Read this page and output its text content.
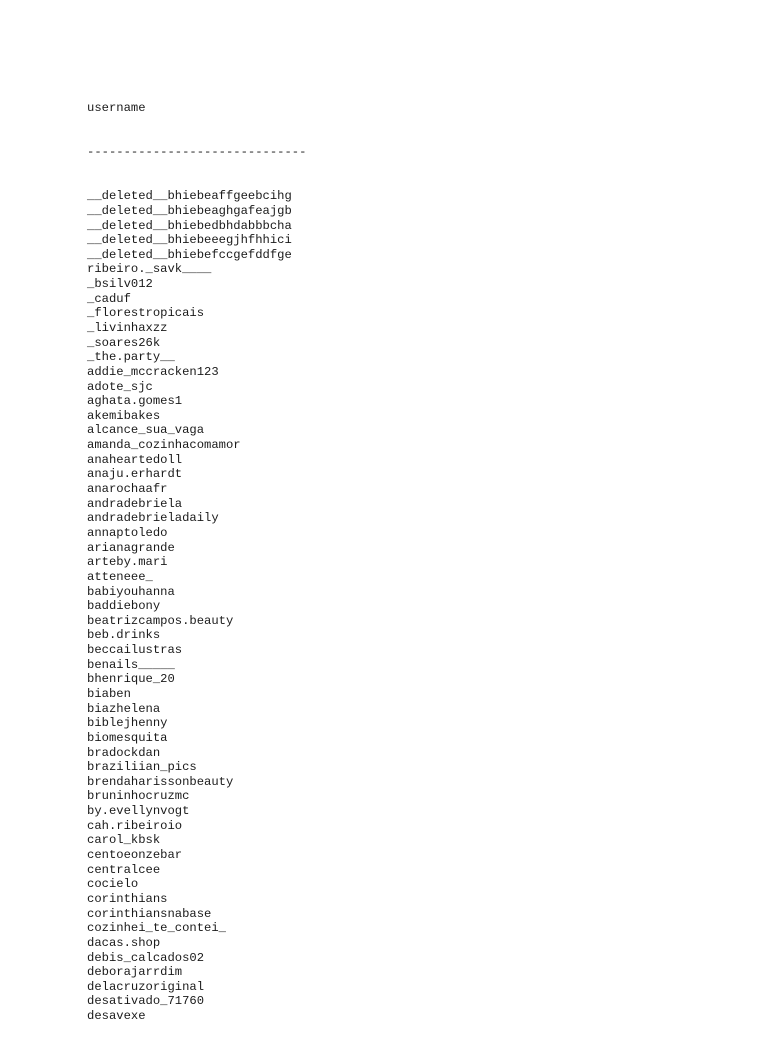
username

------------------------------

__deleted__bhiebeaffgeebcihg
__deleted__bhiebeaghgafeajgb
__deleted__bhiebedbhdabbbcha
__deleted__bhiebeeegjhfhhici
__deleted__bhiebefccgefddfge
ribeiro._savk____
_bsilv012
_caduf
_florestropicais
_livinhaxzz
_soares26k
_the.party__
addie_mccracken123
adote_sjc
aghata.gomes1
akemibakes
alcance_sua_vaga
amanda_cozinhacomamor
anaheartedoll
anaju.erhardt
anarochaafr
andradebriela
andradebrieladaily
annaptoledo
arianagrande
arteby.mari
atteneee_
babiyouhanna
baddiebony
beatrizcampos.beauty
beb.drinks
beccailustras
benails_____
bhenrique_20
biaben
biazhelena
biblejhenny
biomesquita
bradockdan
braziliian_pics
brendaharissonbeauty
bruninhocruzmc
by.evellynvogt
cah.ribeiroio
carol_kbsk
centoeonzebar
centralcee
cocielo
corinthians
corinthiansnabase
cozinhei_te_contei_
dacas.shop
debis_calcados02
deborajarrdim
delacruzoriginal
desativado_71760
desavexe
